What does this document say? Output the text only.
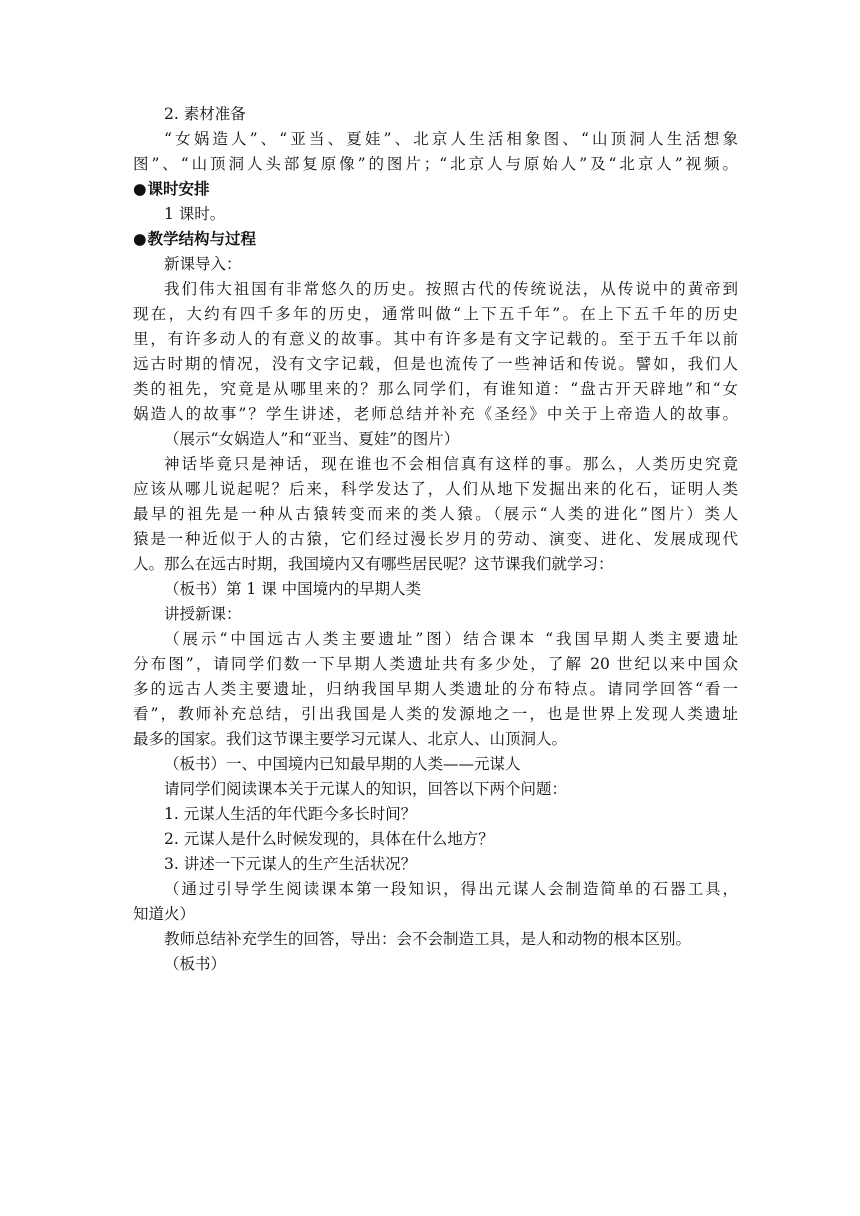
2. 素材准备
“女娲造人”、“亚当、夏娃”、北京人生活相象图、“山顶洞人生活想象
图”、“山顶洞人头部复原像”的图片；“北京人与原始人”及“北京人”视频。
●课时安排
1 课时。
●教学结构与过程
新课导入：
我们伟大祖国有非常悠久的历史。按照古代的传统说法，从传说中的黄帝到
现在，大约有四千多年的历史，通常叫做“上下五千年”。在上下五千年的历史
里，有许多动人的有意义的故事。其中有许多是有文字记载的。至于五千年以前
远古时期的情况，没有文字记载，但是也流传了一些神话和传说。譬如，我们人
类的祖先，究竟是从哪里来的？那么同学们，有谁知道：“盘古开天辟地”和“女
娲造人的故事”？学生讲述，老师总结并补充《圣经》中关于上帝造人的故事。
（展示“女娲造人”和“亚当、夏娃”的图片）
神话毕竟只是神话，现在谁也不会相信真有这样的事。那么，人类历史究竟
应该从哪儿说起呢？后来，科学发达了，人们从地下发掘出来的化石，证明人类
最早的祖先是一种从古猿转变而来的类人猿。（展示“人类的进化”图片）类人
猿是一种近似于人的古猿，它们经过漫长岁月的劳动、演变、进化、发展成现代
人。那么在远古时期，我国境内又有哪些居民呢？这节课我们就学习：
（板书）第 1 课 中国境内的早期人类
讲授新课：
（展示“中国远古人类主要遗址”图）结合课本 “我国早期人类主要遗址
分布图”，请同学们数一下早期人类遗址共有多少处，了解 20 世纪以来中国众
多的远古人类主要遗址，归纳我国早期人类遗址的分布特点。请同学回答“看一
看”，教师补充总结，引出我国是人类的发源地之一，也是世界上发现人类遗址
最多的国家。我们这节课主要学习元谋人、北京人、山顶洞人。
（板书）一、中国境内已知最早期的人类——元谋人
请同学们阅读课本关于元谋人的知识，回答以下两个问题：
1. 元谋人生活的年代距今多长时间？
2. 元谋人是什么时候发现的，具体在什么地方？
3. 讲述一下元谋人的生产生活状况？
（通过引导学生阅读课本第一段知识，得出元谋人会制造简单的石器工具，
知道火）
教师总结补充学生的回答，导出：会不会制造工具，是人和动物的根本区别。
（板书）
